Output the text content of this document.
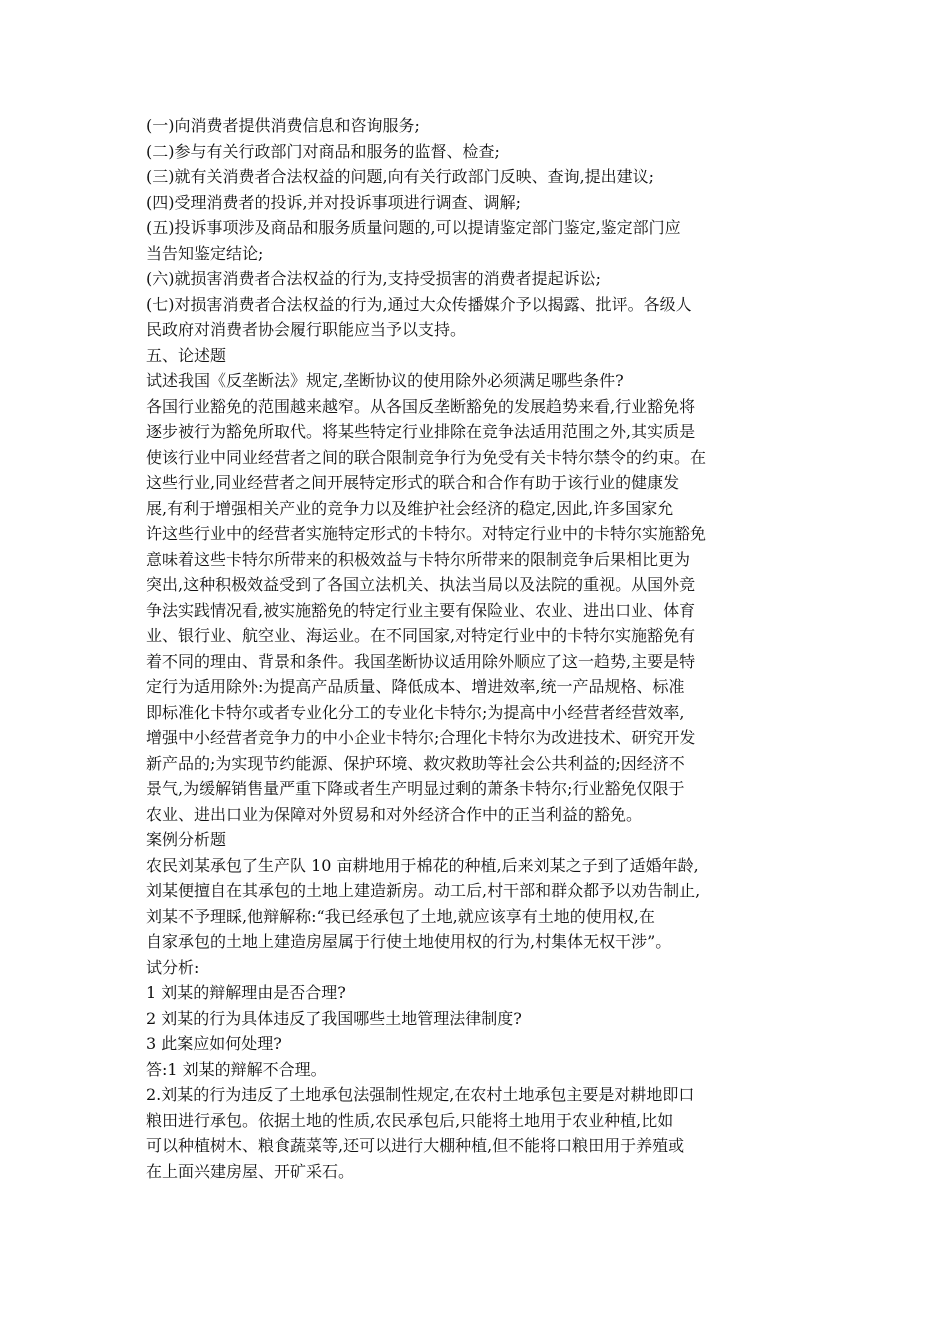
(一)向消费者提供消费信息和咨询服务;
(二)参与有关行政部门对商品和服务的监督、检查;
(三)就有关消费者合法权益的问题,向有关行政部门反映、查询,提出建议;
(四)受理消费者的投诉,并对投诉事项进行调查、调解;
(五)投诉事项涉及商品和服务质量问题的,可以提请鉴定部门鉴定,鉴定部门应
当告知鉴定结论;
(六)就损害消费者合法权益的行为,支持受损害的消费者提起诉讼;
(七)对损害消费者合法权益的行为,通过大众传播媒介予以揭露、批评。各级人
民政府对消费者协会履行职能应当予以支持。
五、论述题
试述我国《反垄断法》规定,垄断协议的使用除外必须满足哪些条件?
各国行业豁免的范围越来越窄。从各国反垄断豁免的发展趋势来看,行业豁免将
逐步被行为豁免所取代。将某些特定行业排除在竞争法适用范围之外,其实质是
使该行业中同业经营者之间的联合限制竞争行为免受有关卡特尔禁令的约束。在
这些行业,同业经营者之间开展特定形式的联合和合作有助于该行业的健康发
展,有利于增强相关产业的竞争力以及维护社会经济的稳定,因此,许多国家允
许这些行业中的经营者实施特定形式的卡特尔。对特定行业中的卡特尔实施豁免
意味着这些卡特尔所带来的积极效益与卡特尔所带来的限制竞争后果相比更为
突出,这种积极效益受到了各国立法机关、执法当局以及法院的重视。从国外竞
争法实践情况看,被实施豁免的特定行业主要有保险业、农业、进出口业、体育
业、银行业、航空业、海运业。在不同国家,对特定行业中的卡特尔实施豁免有
着不同的理由、背景和条件。我国垄断协议适用除外顺应了这一趋势,主要是特
定行为适用除外:为提高产品质量、降低成本、增进效率,统一产品规格、标准
即标准化卡特尔或者专业化分工的专业化卡特尔;为提高中小经营者经营效率,
增强中小经营者竞争力的中小企业卡特尔;合理化卡特尔为改进技术、研究开发
新产品的;为实现节约能源、保护环境、救灾救助等社会公共利益的;因经济不
景气,为缓解销售量严重下降或者生产明显过剩的萧条卡特尔;行业豁免仅限于
农业、进出口业为保障对外贸易和对外经济合作中的正当利益的豁免。
案例分析题
农民刘某承包了生产队 10 亩耕地用于棉花的种植,后来刘某之子到了适婚年龄,
刘某便擅自在其承包的土地上建造新房。动工后,村干部和群众都予以劝告制止,
刘某不予理睬,他辩解称:“我已经承包了土地,就应该享有土地的使用权,在
自家承包的土地上建造房屋属于行使土地使用权的行为,村集体无权干涉”。
试分析:
1 刘某的辩解理由是否合理?
2 刘某的行为具体违反了我国哪些土地管理法律制度?
3 此案应如何处理?
答:1 刘某的辩解不合理。
2.刘某的行为违反了土地承包法强制性规定,在农村土地承包主要是对耕地即口
粮田进行承包。依据土地的性质,农民承包后,只能将土地用于农业种植,比如
可以种植树木、粮食蔬菜等,还可以进行大棚种植,但不能将口粮田用于养殖或
在上面兴建房屋、开矿采石。
